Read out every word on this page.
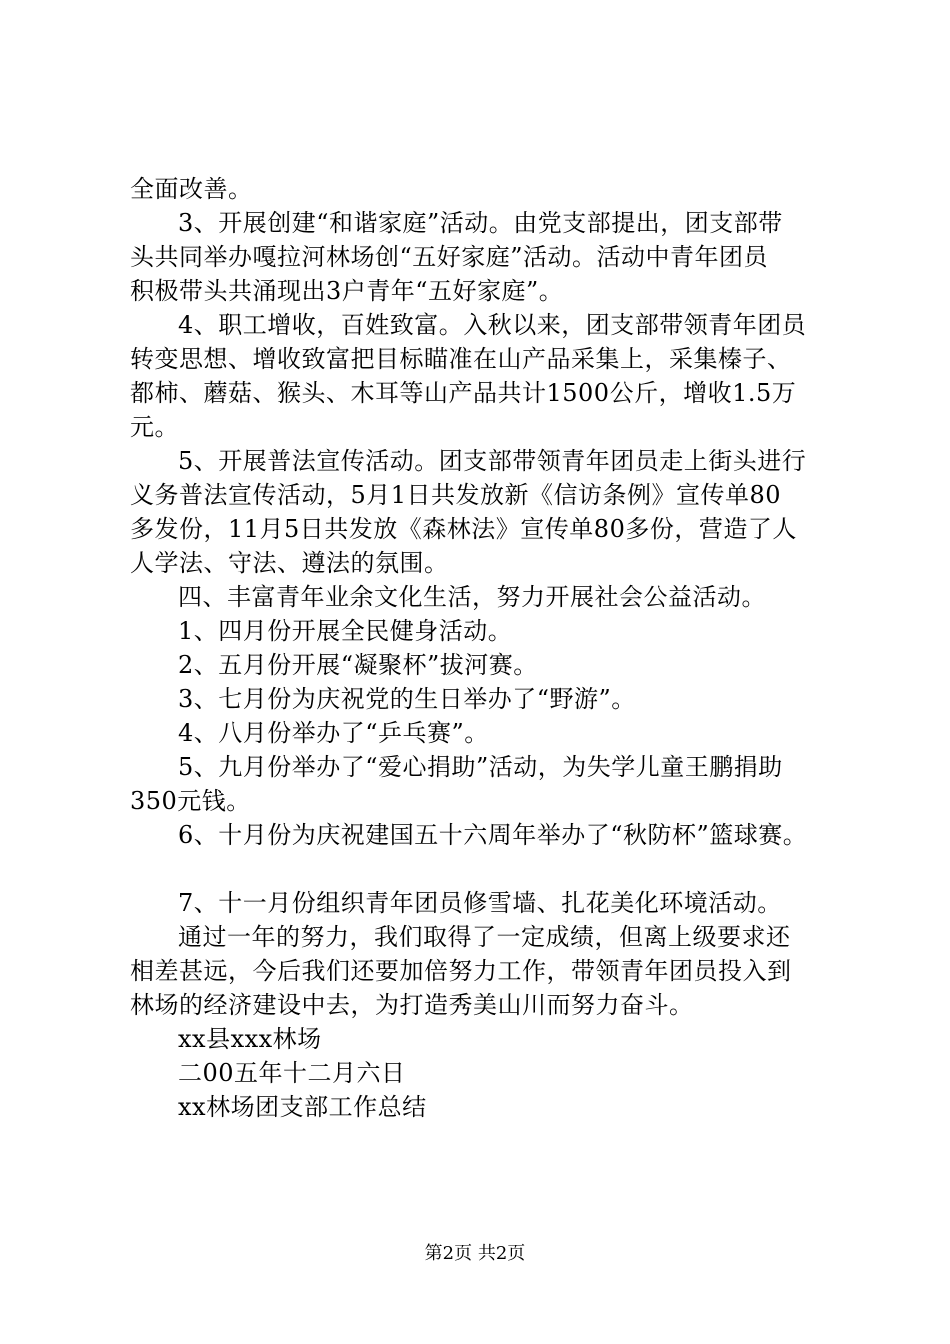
全面改善。
3、开展创建“和谐家庭”活动。由党支部提出，团支部带
头共同举办嘎拉河林场创“五好家庭”活动。活动中青年团员
积极带头共涌现出3户青年“五好家庭”。
4、职工增收，百姓致富。入秋以来，团支部带领青年团员
转变思想、增收致富把目标瞄准在山产品采集上，采集榛子、
都柿、蘑菇、猴头、木耳等山产品共计1500公斤，增收1.5万
元。
5、开展普法宣传活动。团支部带领青年团员走上街头进行
义务普法宣传活动，5月1日共发放新《信访条例》宣传单80
多发份，11月5日共发放《森林法》宣传单80多份，营造了人
人学法、守法、遵法的氛围。
四、丰富青年业余文化生活，努力开展社会公益活动。
1、四月份开展全民健身活动。
2、五月份开展“凝聚杯”拔河赛。
3、七月份为庆祝党的生日举办了“野游”。
4、八月份举办了“乒乓赛”。
5、九月份举办了“爱心捐助”活动，为失学儿童王鹏捐助
350元钱。
6、十月份为庆祝建国五十六周年举办了“秋防杯”篮球赛。
7、十一月份组织青年团员修雪墙、扎花美化环境活动。
通过一年的努力，我们取得了一定成绩，但离上级要求还
相差甚远，今后我们还要加倍努力工作，带领青年团员投入到
林场的经济建设中去，为打造秀美山川而努力奋斗。
xx县xxx林场
二00五年十二月六日
xx林场团支部工作总结
第2页 共2页
